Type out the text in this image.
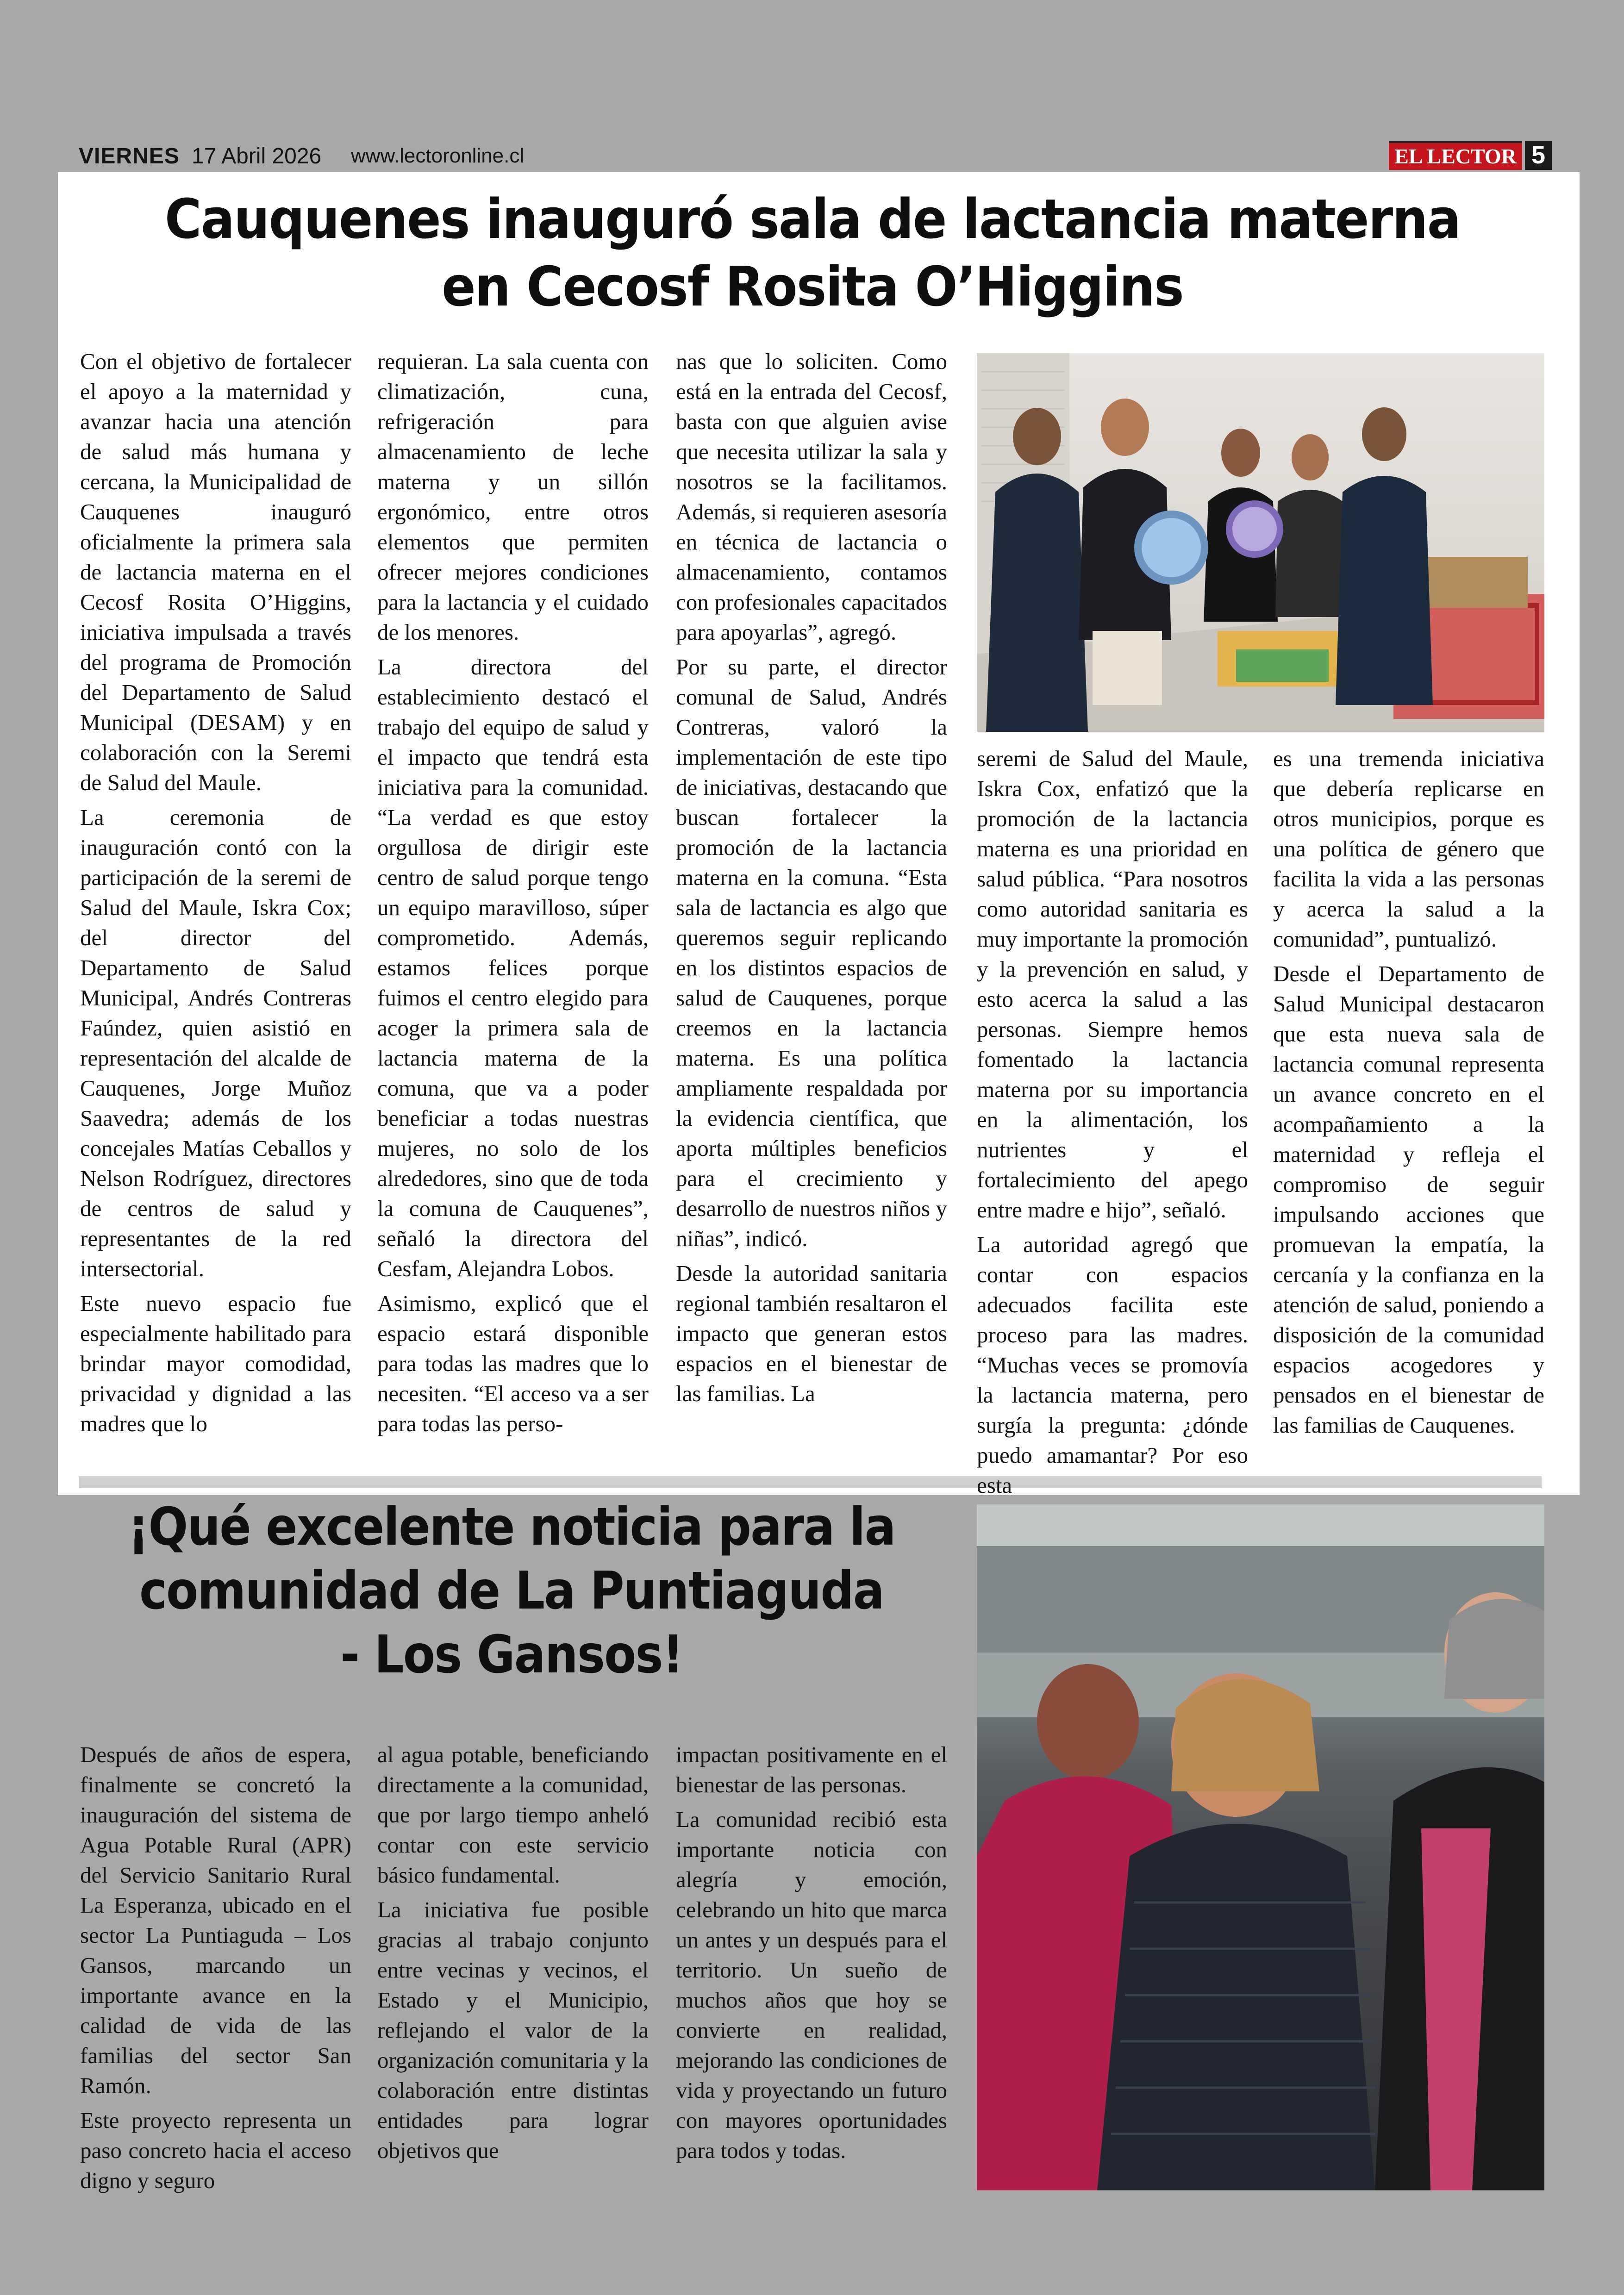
VIERNES 17 Abril 2026 www.lectoronline.cl	EL LECTOR 5
Cauquenes inauguró sala de lactancia materna en Cecosf Rosita O’Higgins

Con el objetivo de fortalecer el apoyo a la maternidad y avanzar hacia una atención de salud más humana y cercana, la Municipalidad de Cauquenes inauguró oficialmente la primera sala de lactancia materna en el Cecosf Rosita O’Higgins, iniciativa impulsada a través del programa de Promoción del Departamento de Salud Municipal (DESAM) y en colaboración con la Seremi de Salud del Maule.

La ceremonia de inauguración contó con la participación de la seremi de Salud del Maule, Iskra Cox; del director del Departamento de Salud Municipal, Andrés Contreras Faúndez, quien asistió en representación del alcalde de Cauquenes, Jorge Muñoz Saavedra; además de los concejales Matías Ceballos y Nelson Rodríguez, directores de centros de salud y representantes de la red intersectorial.

Este nuevo espacio fue especialmente habilitado para brindar mayor comodidad, privacidad y dignidad a las madres que lo

requieran. La sala cuenta con climatización, cuna, refrigeración para almacenamiento de leche materna y un sillón ergonómico, entre otros elementos que permiten ofrecer mejores condiciones para la lactancia y el cuidado de los menores.

La directora del establecimiento destacó el trabajo del equipo de salud y el impacto que tendrá esta iniciativa para la comunidad. “La verdad es que estoy orgullosa de dirigir este centro de salud porque tengo un equipo maravilloso, súper comprometido. Además, estamos felices porque fuimos el centro elegido para acoger la primera sala de lactancia materna de la comuna, que va a poder beneficiar a todas nuestras mujeres, no solo de los alrededores, sino que de toda la comuna de Cauquenes”, señaló la directora del Cesfam, Alejandra Lobos.

Asimismo, explicó que el espacio estará disponible para todas las madres que lo necesiten. “El acceso va a ser para todas las perso-

nas que lo soliciten. Como está en la entrada del Cecosf, basta con que alguien avise que necesita utilizar la sala y nosotros se la facilitamos. Además, si requieren asesoría en técnica de lactancia o almacenamiento, contamos con profesionales capacitados para apoyarlas”, agregó.

Por su parte, el director comunal de Salud, Andrés Contreras, valoró la implementación de este tipo de iniciativas, destacando que buscan fortalecer la promoción de la lactancia materna en la comuna. “Esta sala de lactancia es algo que queremos seguir replicando en los distintos espacios de salud de Cauquenes, porque creemos en la lactancia materna. Es una política ampliamente respaldada por la evidencia científica, que aporta múltiples beneficios para el crecimiento y desarrollo de nuestros niños y niñas”, indicó.

Desde la autoridad sanitaria regional también resaltaron el impacto que generan estos espacios en el bienestar de las familias. La

seremi de Salud del Maule, Iskra Cox, enfatizó que la promoción de la lactancia materna es una prioridad en salud pública. “Para nosotros como autoridad sanitaria es muy importante la promoción y la prevención en salud, y esto acerca la salud a las personas. Siempre hemos fomentado la lactancia materna por su importancia en la alimentación, los nutrientes y el fortalecimiento del apego entre madre e hijo”, señaló.

La autoridad agregó que contar con espacios adecuados facilita este proceso para las madres. “Muchas veces se promovía la lactancia materna, pero surgía la pregunta: ¿dónde puedo amamantar? Por eso esta

es una tremenda iniciativa que debería replicarse en otros municipios, porque es una política de género que facilita la vida a las personas y acerca la salud a la comunidad”, puntualizó.

Desde el Departamento de Salud Municipal destacaron que esta nueva sala de lactancia comunal representa un avance concreto en el acompañamiento a la maternidad y refleja el compromiso de seguir impulsando acciones que promuevan la empatía, la cercanía y la confianza en la atención de salud, poniendo a disposición de la comunidad espacios acogedores y pensados en el bienestar de las familias de Cauquenes.

¡Qué excelente noticia para la comunidad de La Puntiaguda - Los Gansos!

Después de años de espera, finalmente se concretó la inauguración del sistema de Agua Potable Rural (APR) del Servicio Sanitario Rural La Esperanza, ubicado en el sector La Puntiaguda – Los Gansos, marcando un importante avance en la calidad de vida de las familias del sector San Ramón.

Este proyecto representa un paso concreto hacia el acceso digno y seguro

al agua potable, beneficiando directamente a la comunidad, que por largo tiempo anheló contar con este servicio básico fundamental.

La iniciativa fue posible gracias al trabajo conjunto entre vecinas y vecinos, el Estado y el Municipio, reflejando el valor de la organización comunitaria y la colaboración entre distintas entidades para lograr objetivos que

impactan positivamente en el bienestar de las personas.

La comunidad recibió esta importante noticia con alegría y emoción, celebrando un hito que marca un antes y un después para el territorio. Un sueño de muchos años que hoy se convierte en realidad, mejorando las condiciones de vida y proyectando un futuro con mayores oportunidades para todos y todas.
